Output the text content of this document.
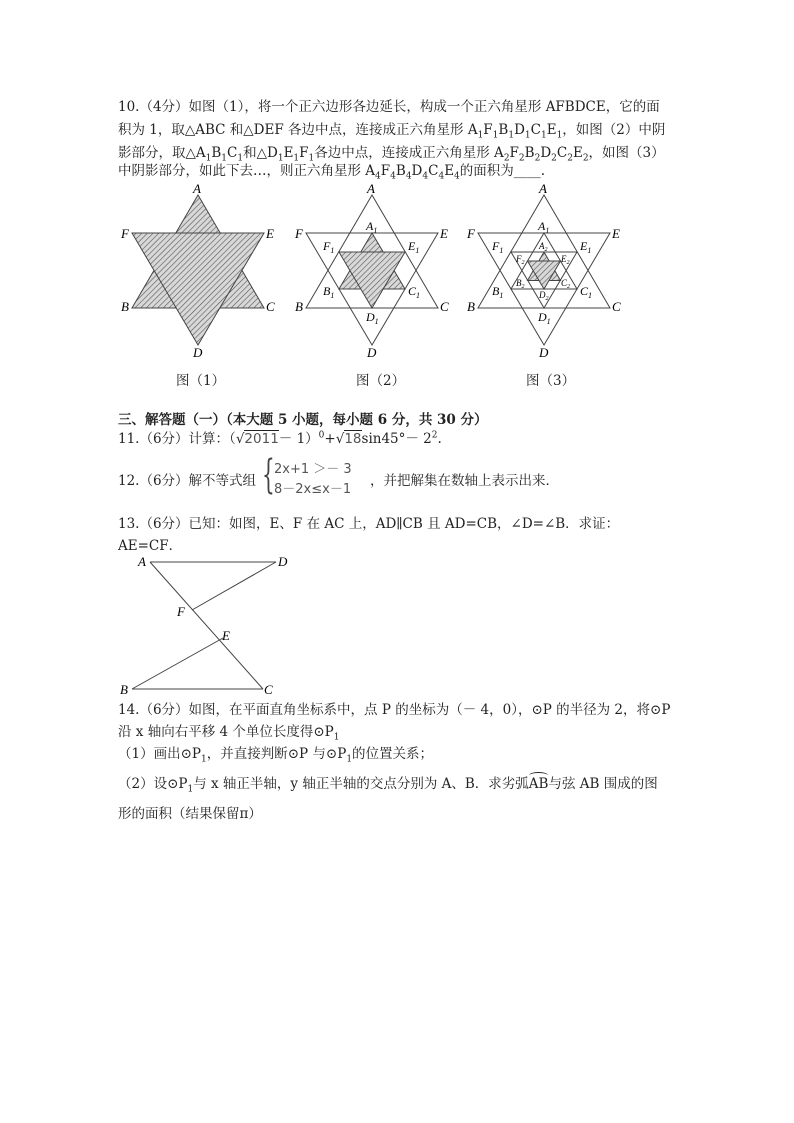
10.（4分）如图（1），将一个正六边形各边延长，构成一个正六角星形 AFBDCE，它的面
积为 1，取△ABC 和△DEF 各边中点，连接成正六角星形 $A_1F_1B_1D_1C_1E_1$，如图（2）中阴
影部分，取$\triangle A_1B_1C_1$和$\triangle D_1E_1F_1$各边中点，连接成正六角星形 $A_2F_2B_2D_2C_2E_2$，如图（3）
中阴影部分，如此下去…，则正六角星形 $A_4F_4B_4D_4C_4E_4$的面积为____.
A
F	E
B	C
D
图（1）
A
F	E
B	C
D
$A_1$
$F_1$	$E_1$
$B_1$	$C_1$
$D_1$
图（2）
A
F	E
B	C
D
$A_1$
$F_1$	$E_1$
$B_1$	$C_1$
$D_1$
$A_2$
$F_2$	$E_2$
$B_2$	$C_2$
$D_2$
图（3）
三、解答题（一）（本大题 5 小题，每小题 6 分，共 30 分）
11.（6分）计算：$(√2011- 1)^0+√18\sin 45^\circ- 2^2$.
12.（6分）解不等式组 { 2x+1 ＞－ 3
8－2x≤x－1
，并把解集在数轴上表示出来．
13.（6分）已知：如图，E、F 在 AC 上，AD∥CB 且 AD=CB，∠D=∠B．求证：
AE=CF．
A	D
F
E
B	C
14.（6分）如图，在平面直角坐标系中，点 P 的坐标为（－ 4，0），⊙P 的半径为 2，将⊙P
沿 x 轴向右平移 4 个单位长度得$⊙P_1$
（1）画出$⊙P_1$，并直接判断⊙P 与$⊙P_1$的位置关系；
（2）设$⊙P_1$与 x 轴正半轴，y 轴正半轴的交点分别为 A、B．求劣弧AB与弦 AB 围成的图
形的面积（结果保留π）
